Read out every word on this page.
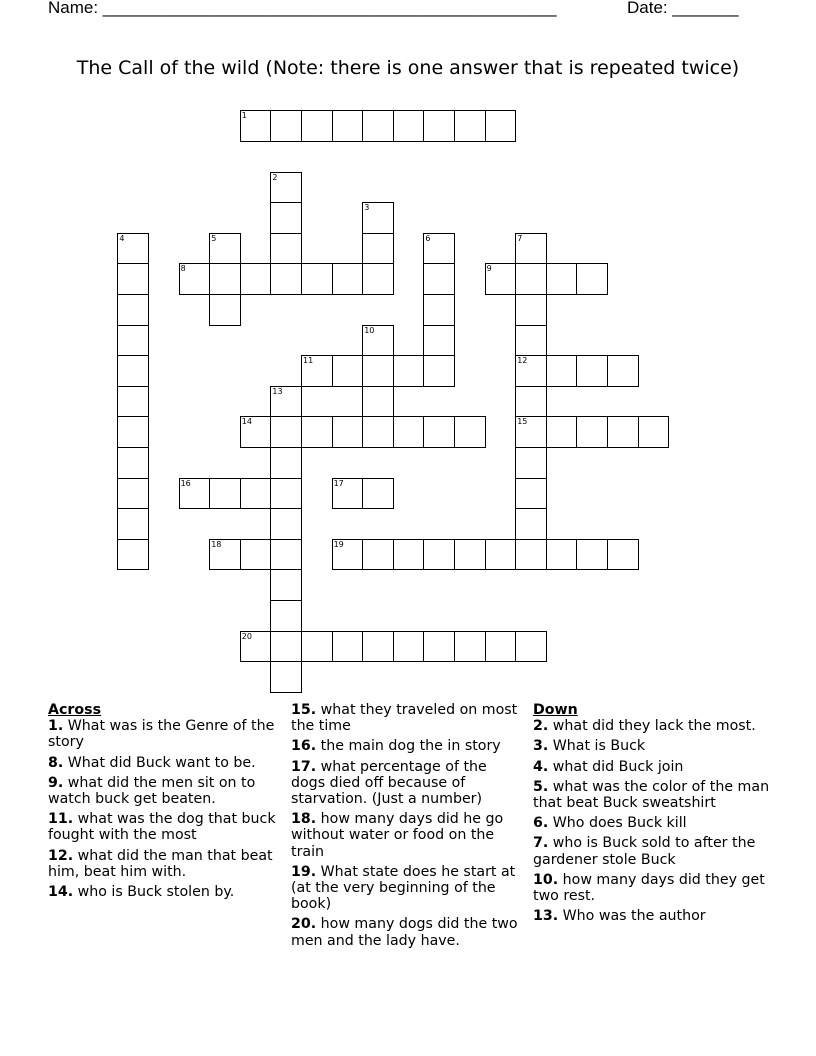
Name: ________________________________________________	Date: _______
The Call of the wild (Note: there is one answer that is repeated twice)
1
2
3
4	5	6	7
12
15
8	9
10
11
13
14
16	17
18	19
20
Across
1. What was is the Genre of the story
8. What did Buck want to be.
9. what did the men sit on to watch buck get beaten.
11. what was the dog that buck fought with the most
12. what did the man that beat him, beat him with.
14. who is Buck stolen by.
15. what they traveled on most the time
16. the main dog the in story
17. what percentage of the dogs died off because of starvation. (Just a number)
18. how many days did he go without water or food on the train
19. What state does he start at (at the very beginning of the book)
20. how many dogs did the two men and the lady have.
Down
2. what did they lack the most.
3. What is Buck
4. what did Buck join
5. what was the color of the man that beat Buck sweatshirt
6. Who does Buck kill
7. who is Buck sold to after the gardener stole Buck
10. how many days did they get two rest.
13. Who was the author
